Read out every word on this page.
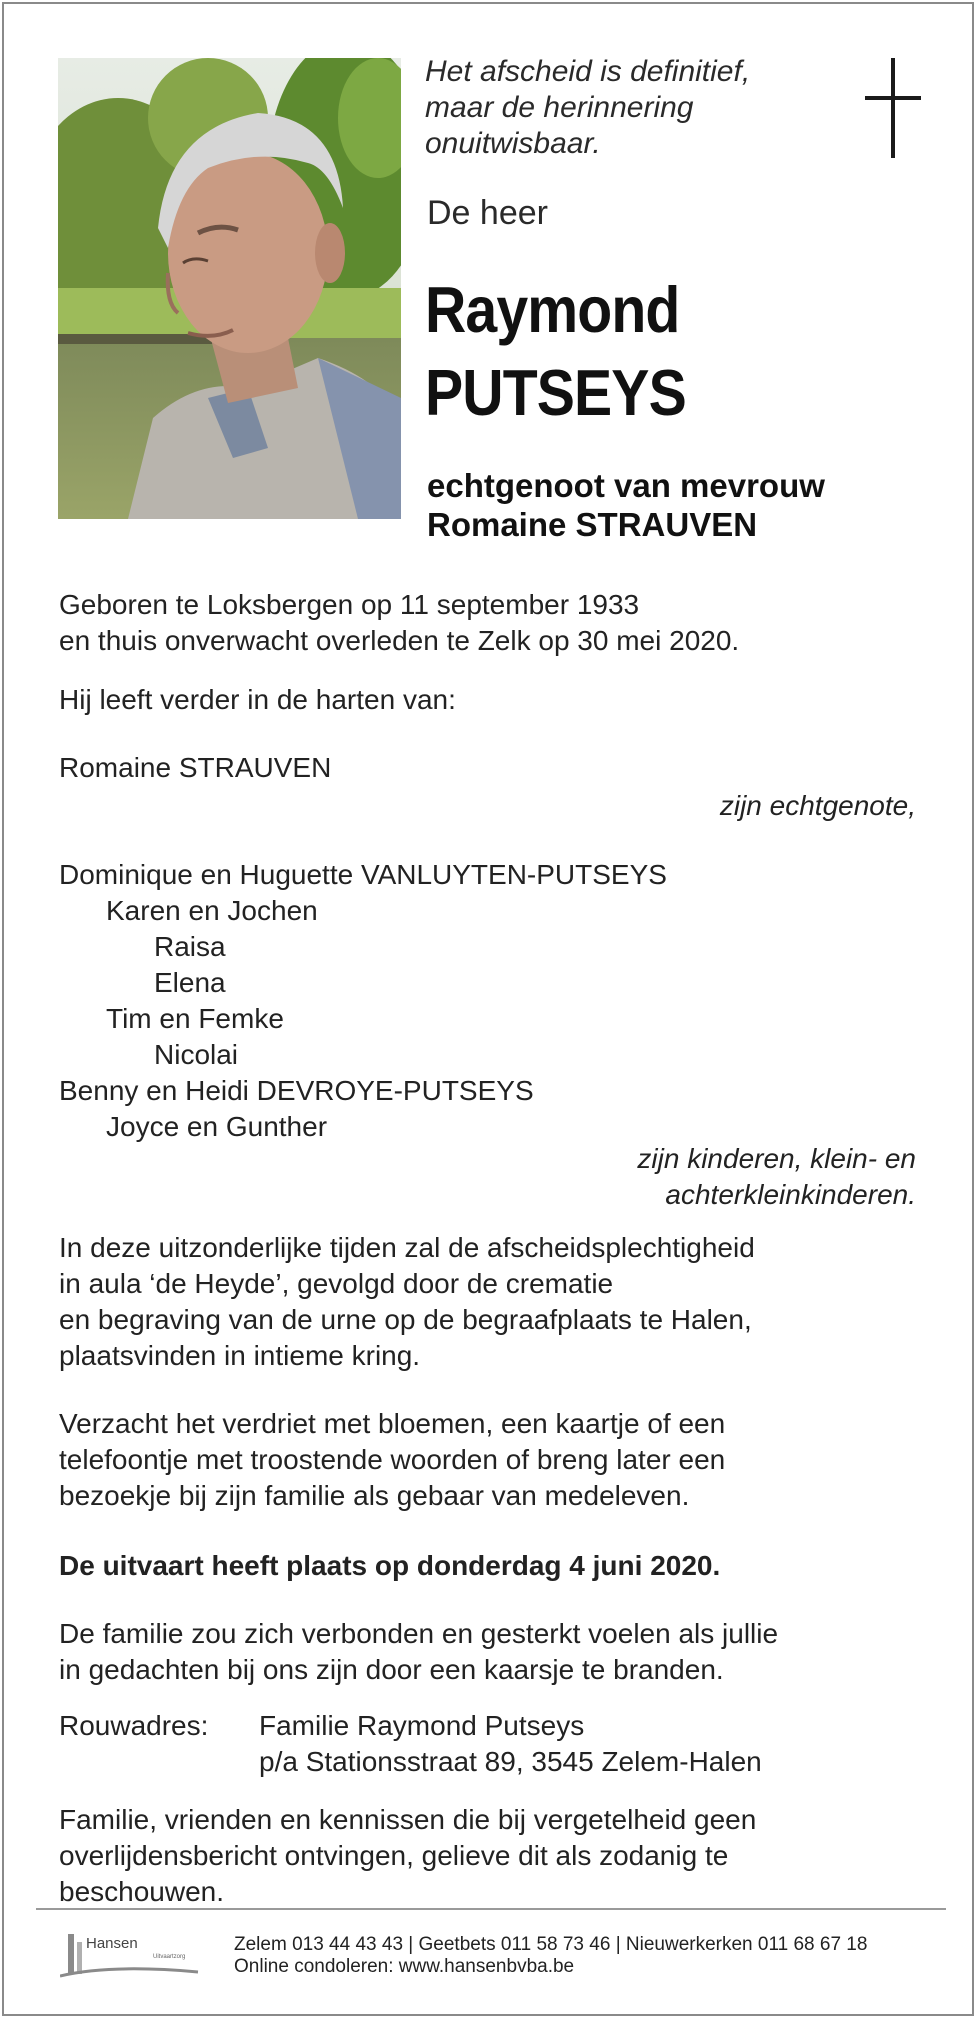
Het afscheid is definitief,
maar de herinnering
onuitwisbaar.
De heer
Raymond
PUTSEYS
echtgenoot van mevrouw
Romaine STRAUVEN
Geboren te Loksbergen op 11 september 1933
en thuis onverwacht overleden te Zelk op 30 mei 2020.
Hij leeft verder in de harten van:
Romaine STRAUVEN
zijn echtgenote,
Dominique en Huguette VANLUYTEN-PUTSEYS
Karen en Jochen
Raisa
Elena
Tim en Femke
Nicolai
Benny en Heidi DEVROYE-PUTSEYS
Joyce en Gunther
zijn kinderen, klein- en
achterkleinkinderen.
In deze uitzonderlijke tijden zal de afscheidsplechtigheid
in aula ‘de Heyde’, gevolgd door de crematie
en begraving van de urne op de begraafplaats te Halen,
plaatsvinden in intieme kring.
Verzacht het verdriet met bloemen, een kaartje of een
telefoontje met troostende woorden of breng later een
bezoekje bij zijn familie als gebaar van medeleven.
De uitvaart heeft plaats op donderdag 4 juni 2020.
De familie zou zich verbonden en gesterkt voelen als jullie
in gedachten bij ons zijn door een kaarsje te branden.
Rouwadres: Familie Raymond Putseys
p/a Stationsstraat 89, 3545 Zelem-Halen
Familie, vrienden en kennissen die bij vergetelheid geen
overlijdensbericht ontvingen, gelieve dit als zodanig te
beschouwen.
Hansen
Uitvaartzorg
Zelem 013 44 43 43 | Geetbets 011 58 73 46 | Nieuwerkerken 011 68 67 18
Online condoleren: www.hansenbvba.be
